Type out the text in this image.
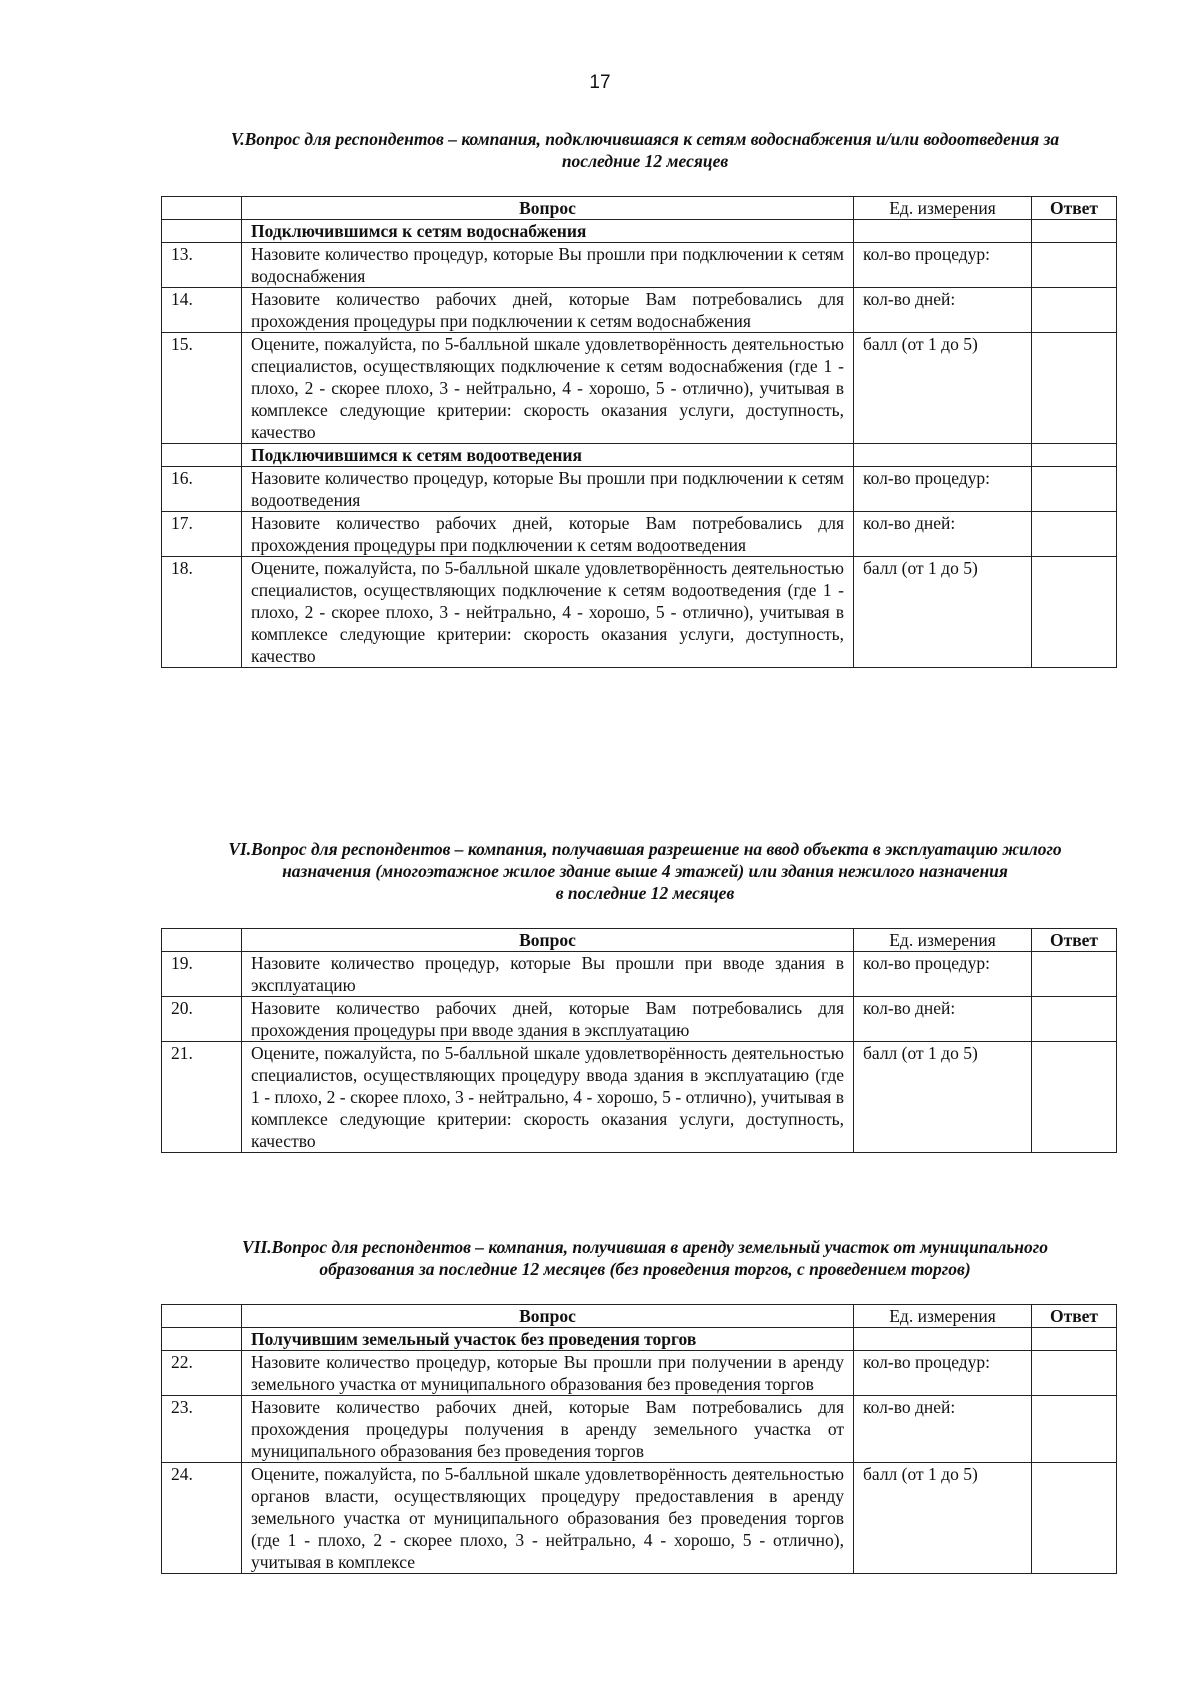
17
V.Вопрос для респондентов – компания, подключившаяся к сетям водоснабжения и/или водоотведения за
последние 12 месяцев
	Вопрос	Ед. измерения	Ответ
	Подключившимся к сетям водоснабжения		
13.	Назовите количество процедур, которые Вы прошли при подключении к сетям водоснабжения	кол-во процедур:	
14.	Назовите количество рабочих дней, которые Вам потребовались для прохождения процедуры при подключении к сетям водоснабжения	кол-во дней:	
15.	Оцените, пожалуйста, по 5-балльной шкале удовлетворённость деятельностью специалистов, осуществляющих подключение к сетям водоснабжения (где 1 - плохо, 2 - скорее плохо, 3 - нейтрально, 4 - хорошо, 5 - отлично), учитывая в комплексе следующие критерии: скорость оказания услуги, доступность, качество	балл (от 1 до 5)	
	Подключившимся к сетям водоотведения		
16.	Назовите количество процедур, которые Вы прошли при подключении к сетям водоотведения	кол-во процедур:	
17.	Назовите количество рабочих дней, которые Вам потребовались для прохождения процедуры при подключении к сетям водоотведения	кол-во дней:	
18.	Оцените, пожалуйста, по 5-балльной шкале удовлетворённость деятельностью специалистов, осуществляющих подключение к сетям водоотведения (где 1 - плохо, 2 - скорее плохо, 3 - нейтрально, 4 - хорошо, 5 - отлично), учитывая в комплексе следующие критерии: скорость оказания услуги, доступность, качество	балл (от 1 до 5)	
VI.Вопрос для респондентов – компания, получавшая разрешение на ввод объекта в эксплуатацию жилого
назначения (многоэтажное жилое здание выше 4 этажей) или здания нежилого назначения
в последние 12 месяцев
	Вопрос	Ед. измерения	Ответ
19.	Назовите количество процедур, которые Вы прошли при вводе здания в эксплуатацию	кол-во процедур:	
20.	Назовите количество рабочих дней, которые Вам потребовались для прохождения процедуры при вводе здания в эксплуатацию	кол-во дней:	
21.	Оцените, пожалуйста, по 5-балльной шкале удовлетворённость деятельностью специалистов, осуществляющих процедуру ввода здания в эксплуатацию (где 1 - плохо, 2 - скорее плохо, 3 - нейтрально, 4 - хорошо, 5 - отлично), учитывая в комплексе следующие критерии: скорость оказания услуги, доступность, качество	балл (от 1 до 5)	
VII.Вопрос для респондентов – компания, получившая в аренду земельный участок от муниципального
образования за последние 12 месяцев (без проведения торгов, с проведением торгов)
	Вопрос	Ед. измерения	Ответ
	Получившим земельный участок без проведения торгов		
22.	Назовите количество процедур, которые Вы прошли при получении в аренду земельного участка от муниципального образования без проведения торгов	кол-во процедур:	
23.	Назовите количество рабочих дней, которые Вам потребовались для прохождения процедуры получения в аренду земельного участка от муниципального образования без проведения торгов	кол-во дней:	
24.	Оцените, пожалуйста, по 5-балльной шкале удовлетворённость деятельностью органов власти, осуществляющих процедуру предоставления в аренду земельного участка от муниципального образования без проведения торгов (где 1 - плохо, 2 - скорее плохо, 3 - нейтрально, 4 - хорошо, 5 - отлично), учитывая в комплексе	балл (от 1 до 5)	
